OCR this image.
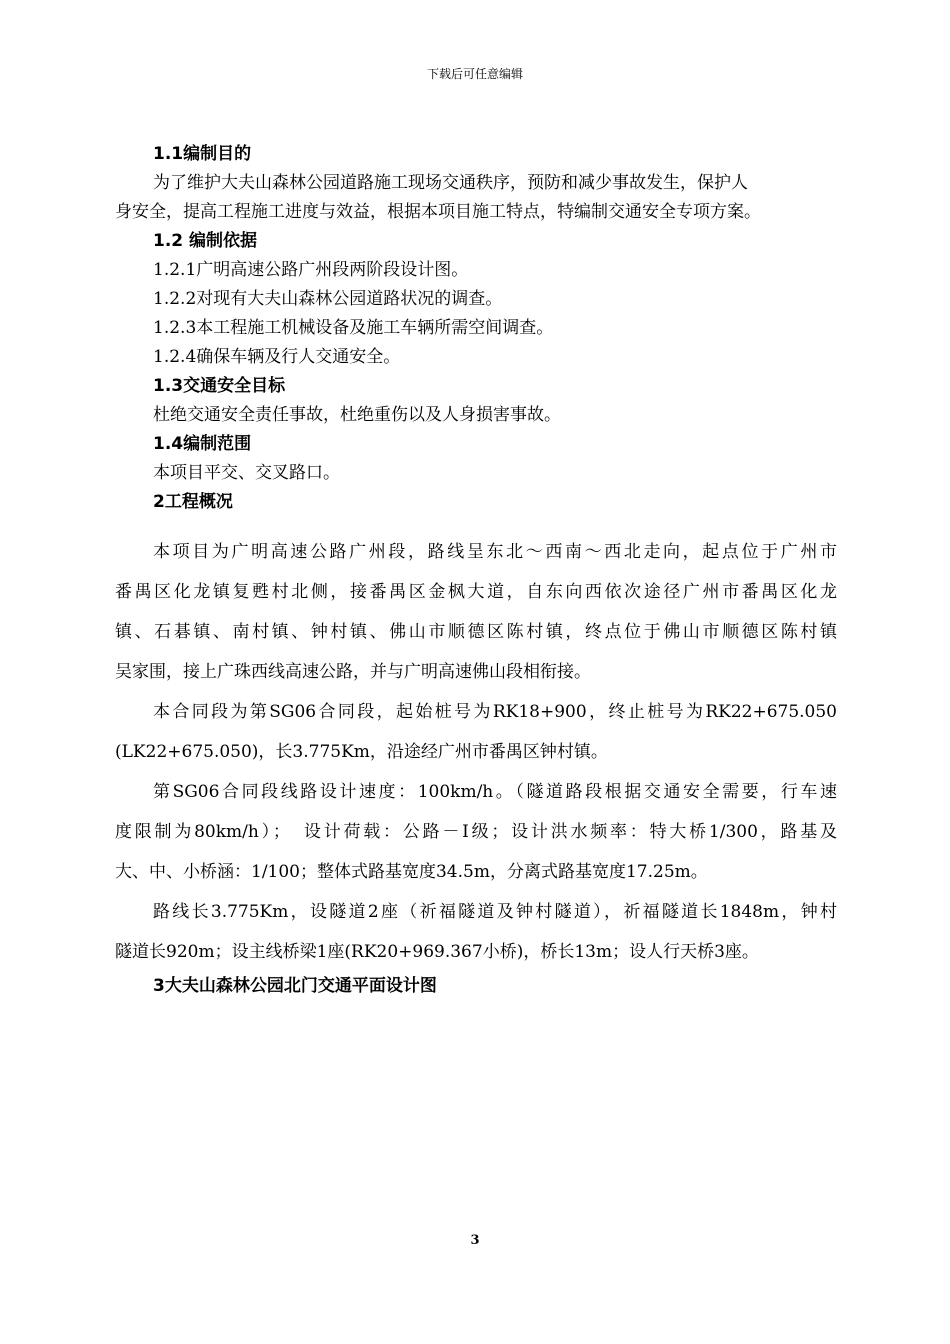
下载后可任意编辑
1.1编制目的
为了维护大夫山森林公园道路施工现场交通秩序，预防和减少事故发生，保护人
身安全，提高工程施工进度与效益，根据本项目施工特点，特编制交通安全专项方案。
1.2 编制依据
1.2.1广明高速公路广州段两阶段设计图。
1.2.2对现有大夫山森林公园道路状况的调查。
1.2.3本工程施工机械设备及施工车辆所需空间调查。
1.2.4确保车辆及行人交通安全。
1.3交通安全目标
杜绝交通安全责任事故，杜绝重伤以及人身损害事故。
1.4编制范围
本项目平交、交叉路口。
2工程概况
本项目为广明高速公路广州段，路线呈东北～西南～西北走向，起点位于广州市
番禺区化龙镇复甦村北侧，接番禺区金枫大道，自东向西依次途径广州市番禺区化龙
镇、石碁镇、南村镇、钟村镇、佛山市顺德区陈村镇，终点位于佛山市顺德区陈村镇
吴家围，接上广珠西线高速公路，并与广明高速佛山段相衔接。
本合同段为第SG06合同段，起始桩号为RK18+900，终止桩号为RK22+675.050
(LK22+675.050)，长3.775Km，沿途经广州市番禺区钟村镇。
第SG06合同段线路设计速度：100km/h。（隧道路段根据交通安全需要，行车速
度限制为80km/h）；　设计荷载：公路－Ⅰ级；设计洪水频率：特大桥1/300，路基及
大、中、小桥涵：1/100；整体式路基宽度34.5m，分离式路基宽度17.25m。
路线长3.775Km，设隧道2座（祈福隧道及钟村隧道），祈福隧道长1848m，钟村
隧道长920m；设主线桥梁1座(RK20+969.367小桥)，桥长13m；设人行天桥3座。
3大夫山森林公园北门交通平面设计图
3
